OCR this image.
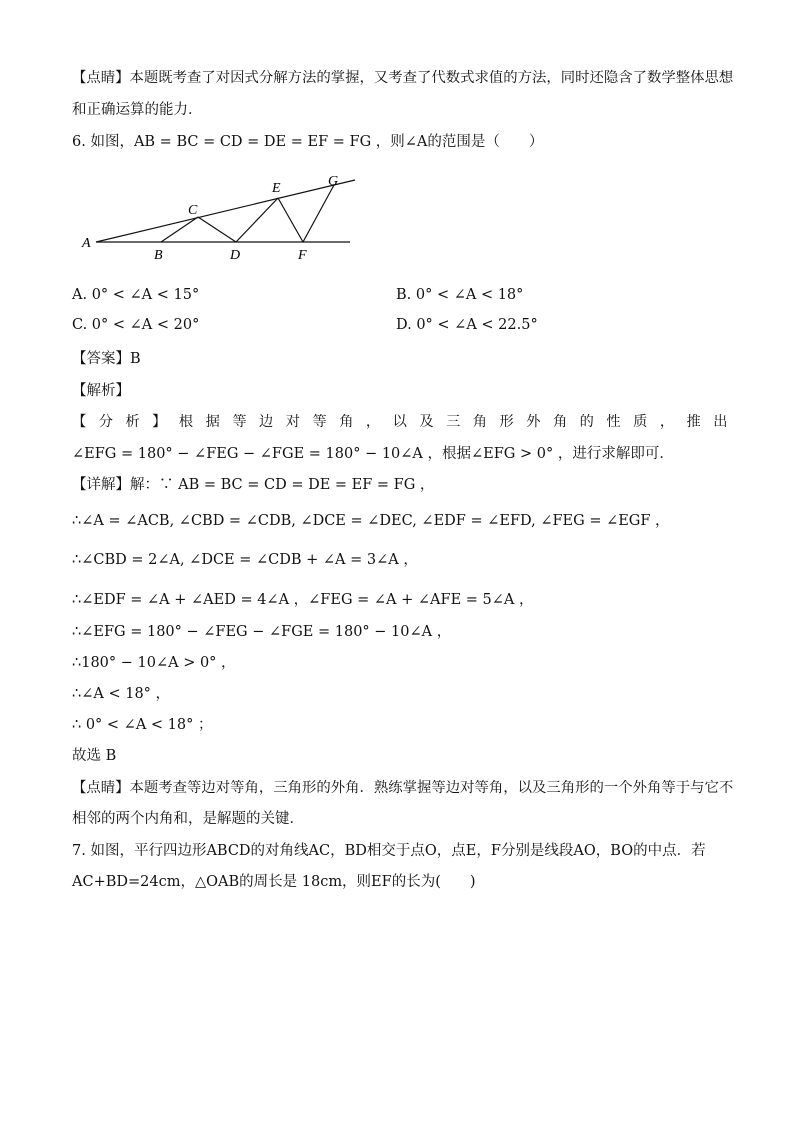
【点睛】本题既考查了对因式分解方法的掌握，又考查了代数式求值的方法，同时还隐含了数学整体思想
和正确运算的能力．
6. 如图，AB = BC = CD = DE = EF = FG ，则∠A的范围是（　　）
A
B
C
D
E
F
G
A. 0° < ∠A < 15°	B. 0° < ∠A < 18°
C. 0° < ∠A < 20°	D. 0° < ∠A < 22.5°
【答案】B
【解析】
【分析】根据等边对等角，以及三角形外角的性质，推出
∠EFG = 180° − ∠FEG − ∠FGE = 180° − 10∠A ，根据∠EFG > 0° ，进行求解即可．
【详解】解：∵ AB = BC = CD = DE = EF = FG ，
∴∠A = ∠ACB, ∠CBD = ∠CDB, ∠DCE = ∠DEC, ∠EDF = ∠EFD, ∠FEG = ∠EGF ，
∴∠CBD = 2∠A, ∠DCE = ∠CDB + ∠A = 3∠A ，
∴∠EDF = ∠A + ∠AED = 4∠A ，∠FEG = ∠A + ∠AFE = 5∠A ，
∴∠EFG = 180° − ∠FEG − ∠FGE = 180° − 10∠A ，
∴180° − 10∠A > 0° ，
∴∠A < 18° ，
∴ 0° < ∠A < 18° ；
故选 B
【点睛】本题考查等边对等角，三角形的外角．熟练掌握等边对等角，以及三角形的一个外角等于与它不
相邻的两个内角和，是解题的关键．
7. 如图，平行四边形ABCD的对角线AC，BD相交于点O，点E，F分别是线段AO，BO的中点．若
AC+BD=24cm，△OAB的周长是 18cm，则EF的长为(　　)
